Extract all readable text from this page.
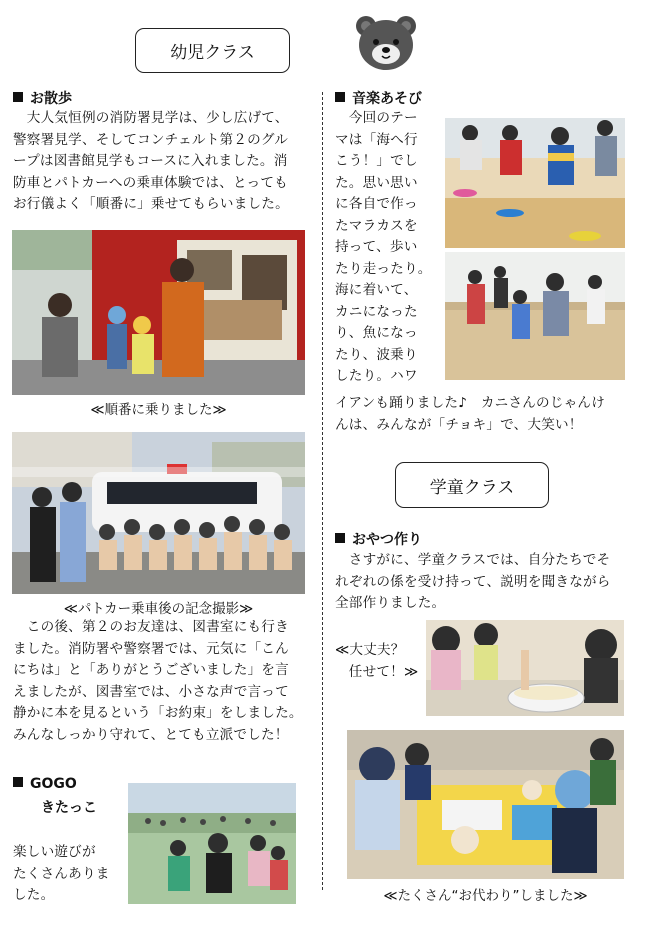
幼児クラス
お散歩
　大人気恒例の消防署見学は、少し広げて、
警察署見学、そしてコンチェルト第２のグル
ープは図書館見学もコースに入れました。消
防車とパトカーへの乗車体験では、とっても
お行儀よく「順番に」乗せてもらいました。
≪順番に乗りました≫
≪パトカー乗車後の記念撮影≫
　この後、第２のお友達は、図書室にも行き
ました。消防署や警察署では、元気に「こん
にちは」と「ありがとうございました」を言
えましたが、図書室では、小さな声で言って
静かに本を見るという「お約束」をしました。
みんなしっかり守れて、とても立派でした！
GOGO
きたっこ
楽しい遊びが
たくさんありま
した。
音楽あそび
　今回のテー
マは「海へ行
こう！」でし
た。思い思い
に各自で作っ
たマラカスを
持って、歩い
たり走ったり。
海に着いて、
カニになった
り、魚になっ
たり、波乗り
したり。ハワ
イアンも踊りました♪　カニさんのじゃんけ
んは、みんなが「チョキ」で、大笑い！
学童クラス
おやつ作り
　さすがに、学童クラスでは、自分たちでそ
れぞれの係を受け持って、説明を聞きながら
全部作りました。
≪大丈夫？
　任せて！≫
≪たくさん“お代わり”しました≫
